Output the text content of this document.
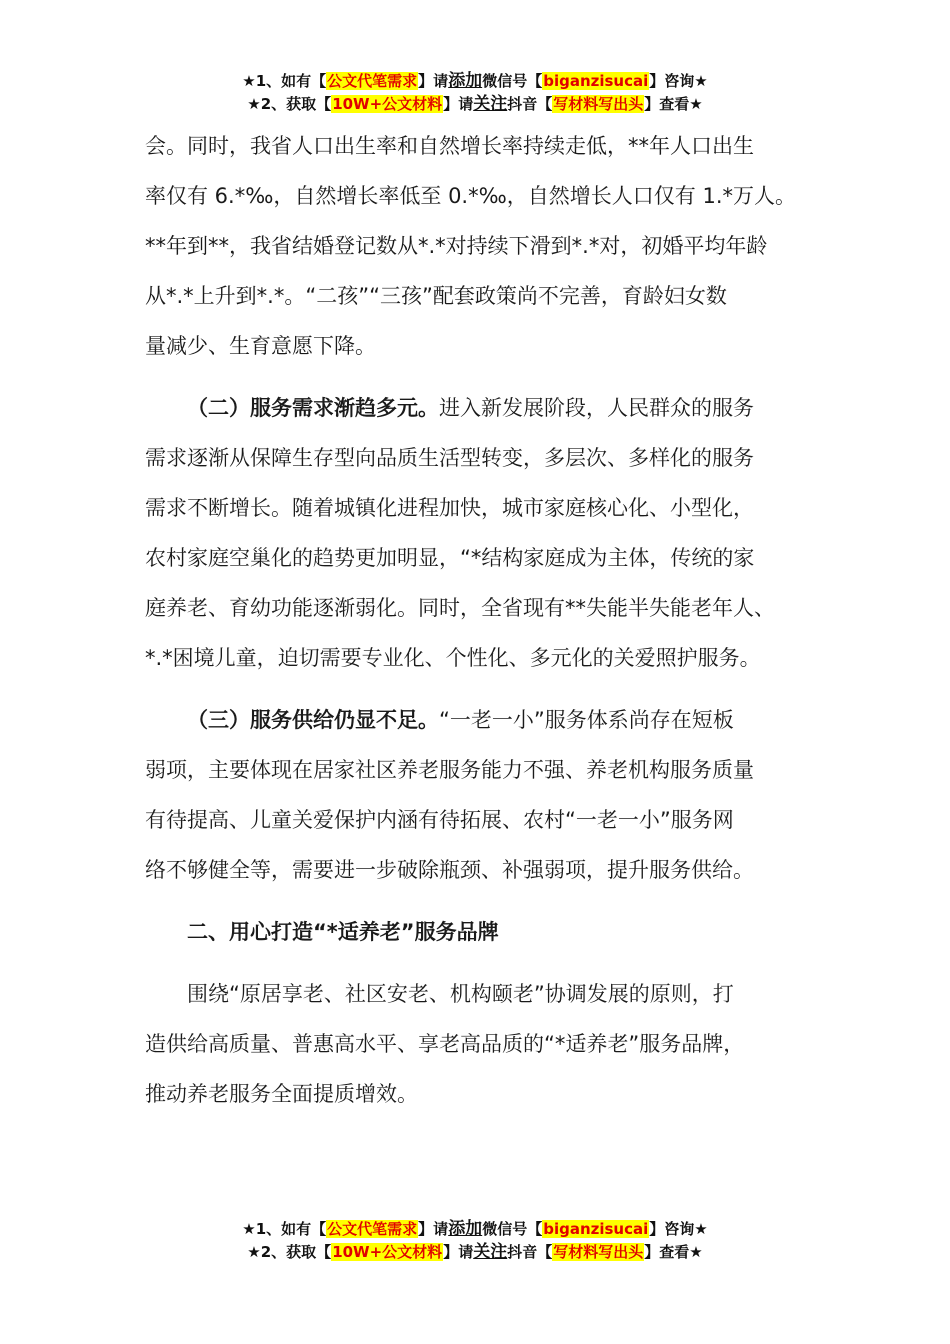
★1、如有【公文代笔需求】请添加微信号【biganzisucai】咨询★
★2、获取【10W+公文材料】请关注抖音【写材料写出头】查看★

会。同时，我省人口出生率和自然增长率持续走低，**年人口出生
率仅有 6.*‰，自然增长率低至 0.*‰，自然增长人口仅有 1.*万人。
**年到**，我省结婚登记数从*.*对持续下滑到*.*对，初婚平均年龄
从*.*上升到*.*。“二孩”“三孩”配套政策尚不完善，育龄妇女数
量减少、生育意愿下降。

（二）服务需求渐趋多元。进入新发展阶段，人民群众的服务
需求逐渐从保障生存型向品质生活型转变，多层次、多样化的服务
需求不断增长。随着城镇化进程加快，城市家庭核心化、小型化，
农村家庭空巢化的趋势更加明显，“*结构家庭成为主体，传统的家
庭养老、育幼功能逐渐弱化。同时，全省现有**失能半失能老年人、
*.*困境儿童，迫切需要专业化、个性化、多元化的关爱照护服务。

（三）服务供给仍显不足。“一老一小”服务体系尚存在短板
弱项，主要体现在居家社区养老服务能力不强、养老机构服务质量
有待提高、儿童关爱保护内涵有待拓展、农村“一老一小”服务网
络不够健全等，需要进一步破除瓶颈、补强弱项，提升服务供给。

二、用心打造“*适养老”服务品牌

围绕“原居享老、社区安老、机构颐老”协调发展的原则，打
造供给高质量、普惠高水平、享老高品质的“*适养老”服务品牌，
推动养老服务全面提质增效。

★1、如有【公文代笔需求】请添加微信号【biganzisucai】咨询★
★2、获取【10W+公文材料】请关注抖音【写材料写出头】查看★
